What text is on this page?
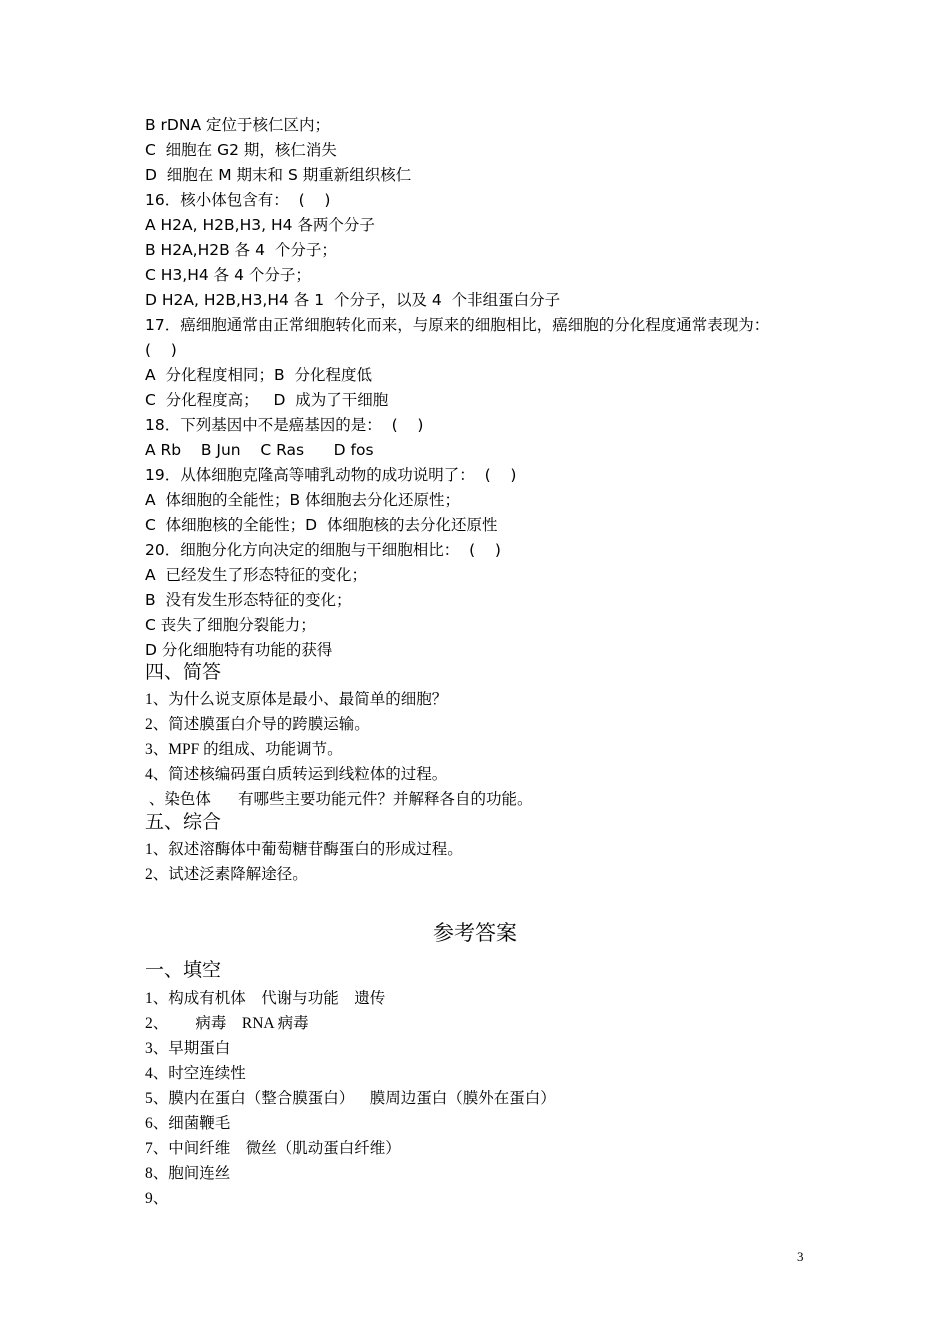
B rDNA 定位于核仁区内；
C  细胞在 G2 期，核仁消失
D  细胞在 M 期末和 S 期重新组织核仁
16．核小体包含有：  (    )
A H2A, H2B,H3, H4 各两个分子
B H2A,H2B 各 4  个分子；
C H3,H4 各 4 个分子；
D H2A, H2B,H3,H4 各 1  个分子，以及 4  个非组蛋白分子
17．癌细胞通常由正常细胞转化而来，与原来的细胞相比，癌细胞的分化程度通常表现为：
(    )
A  分化程度相同；B  分化程度低
C  分化程度高；   D  成为了干细胞
18．下列基因中不是癌基因的是：  (    )
A Rb    B Jun    C Ras      D fos
19．从体细胞克隆高等哺乳动物的成功说明了：  (    )
A  体细胞的全能性；B 体细胞去分化还原性；
C  体细胞核的全能性；D  体细胞核的去分化还原性
20．细胞分化方向决定的细胞与干细胞相比：  (    )
A  已经发生了形态特征的变化；
B  没有发生形态特征的变化；
C 丧失了细胞分裂能力；
D 分化细胞特有功能的获得
四、简答
1、为什么说支原体是最小、最简单的细胞？
2、简述膜蛋白介导的跨膜运输。
3、MPF 的组成、功能调节。
4、简述核编码蛋白质转运到线粒体的过程。
、染色体       有哪些主要功能元件？并解释各自的功能。
五、综合
1、叙述溶酶体中葡萄糖苷酶蛋白的形成过程。
2、试述泛素降解途径。
参考答案
一、填空
1、构成有机体    代谢与功能    遗传
2、       病毒    RNA 病毒
3、早期蛋白
4、时空连续性
5、膜内在蛋白（整合膜蛋白）    膜周边蛋白（膜外在蛋白）
6、细菌鞭毛
7、中间纤维    微丝（肌动蛋白纤维）
8、胞间连丝
9、
3
